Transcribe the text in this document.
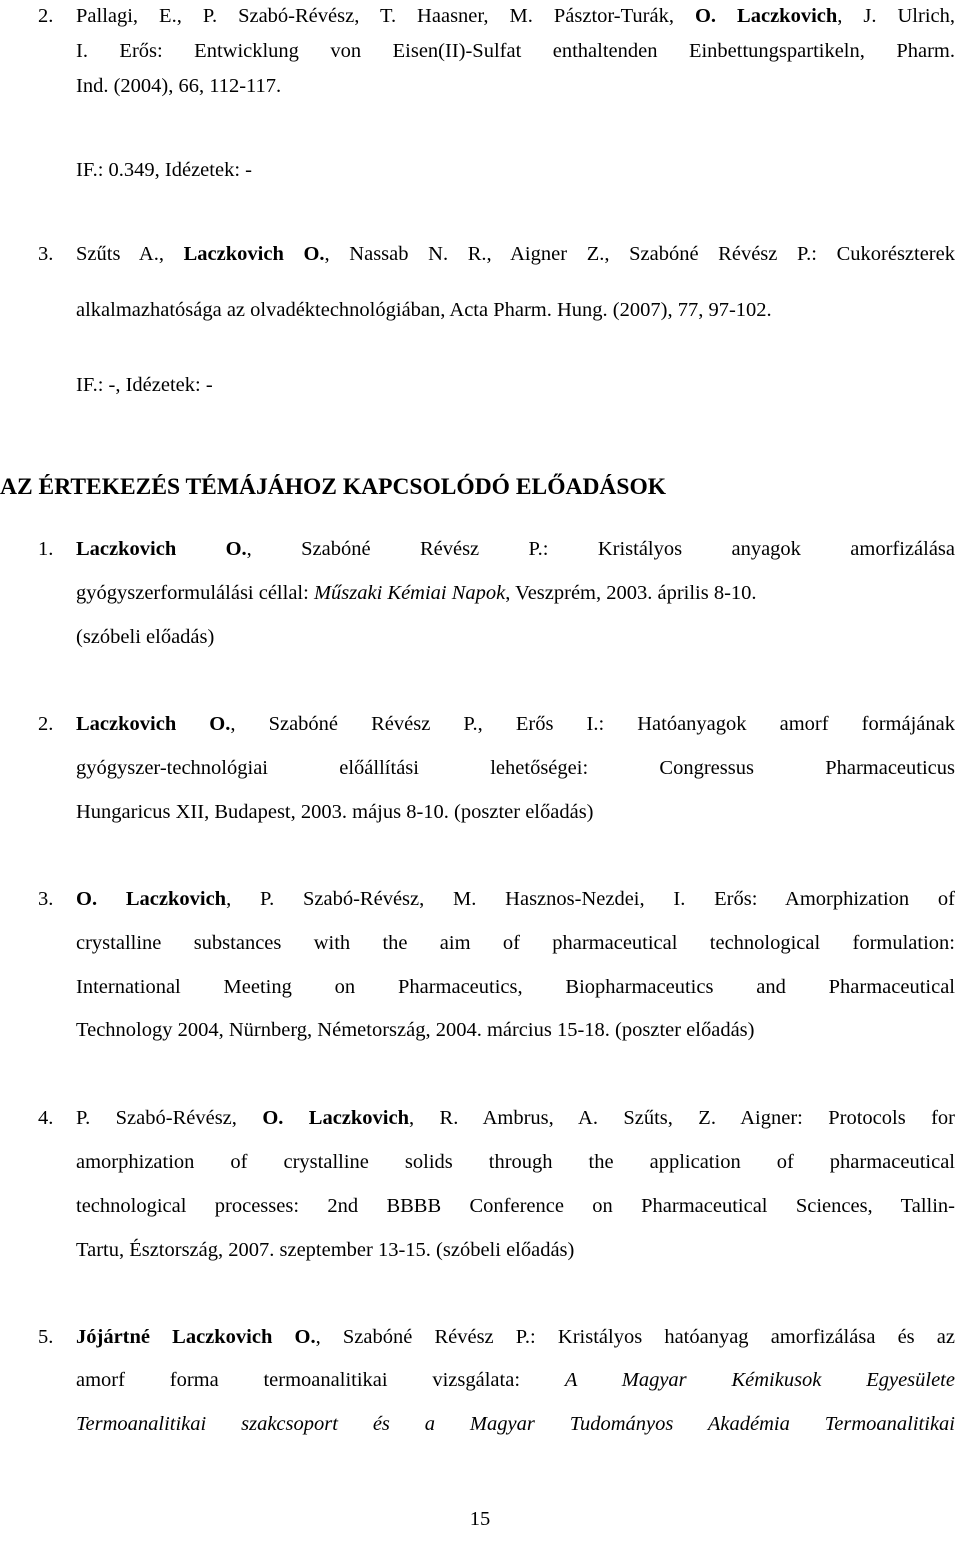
2. Pallagi, E., P. Szabó-Révész, T. Haasner, M. Pásztor-Turák, O. Laczkovich, J. Ulrich,
I. Erős: Entwicklung von Eisen(II)-Sulfat enthaltenden Einbettungspartikeln, Pharm.
Ind. (2004), 66, 112-117.
IF.: 0.349, Idézetek: -
3. Szűts A., Laczkovich O., Nassab N. R., Aigner Z., Szabóné Révész P.: Cukorészterek
alkalmazhatósága az olvadéktechnológiában, Acta Pharm. Hung. (2007), 77, 97-102.
IF.: -, Idézetek: -
AZ ÉRTEKEZÉS TÉMÁJÁHOZ KAPCSOLÓDÓ ELŐADÁSOK
1. Laczkovich O., Szabóné Révész P.: Kristályos anyagok amorfizálása
gyógyszerformulálási céllal: Műszaki Kémiai Napok, Veszprém, 2003. április 8-10.
(szóbeli előadás)
2. Laczkovich O., Szabóné Révész P., Erős I.: Hatóanyagok amorf formájának
gyógyszer-technológiai előállítási lehetőségei: Congressus Pharmaceuticus
Hungaricus XII, Budapest, 2003. május 8-10. (poszter előadás)
3. O. Laczkovich, P. Szabó-Révész, M. Hasznos-Nezdei, I. Erős: Amorphization of
crystalline substances with the aim of pharmaceutical technological formulation:
International Meeting on Pharmaceutics, Biopharmaceutics and Pharmaceutical
Technology 2004, Nürnberg, Németország, 2004. március 15-18. (poszter előadás)
4. P. Szabó-Révész, O. Laczkovich, R. Ambrus, A. Szűts, Z. Aigner: Protocols for
amorphization of crystalline solids through the application of pharmaceutical
technological processes: 2nd BBBB Conference on Pharmaceutical Sciences, Tallin-
Tartu, Észtország, 2007. szeptember 13-15. (szóbeli előadás)
5. Jójártné Laczkovich O., Szabóné Révész P.: Kristályos hatóanyag amorfizálása és az
amorf forma termoanalitikai vizsgálata: A Magyar Kémikusok Egyesülete
Termoanalitikai szakcsoport és a Magyar Tudományos Akadémia Termoanalitikai
15
